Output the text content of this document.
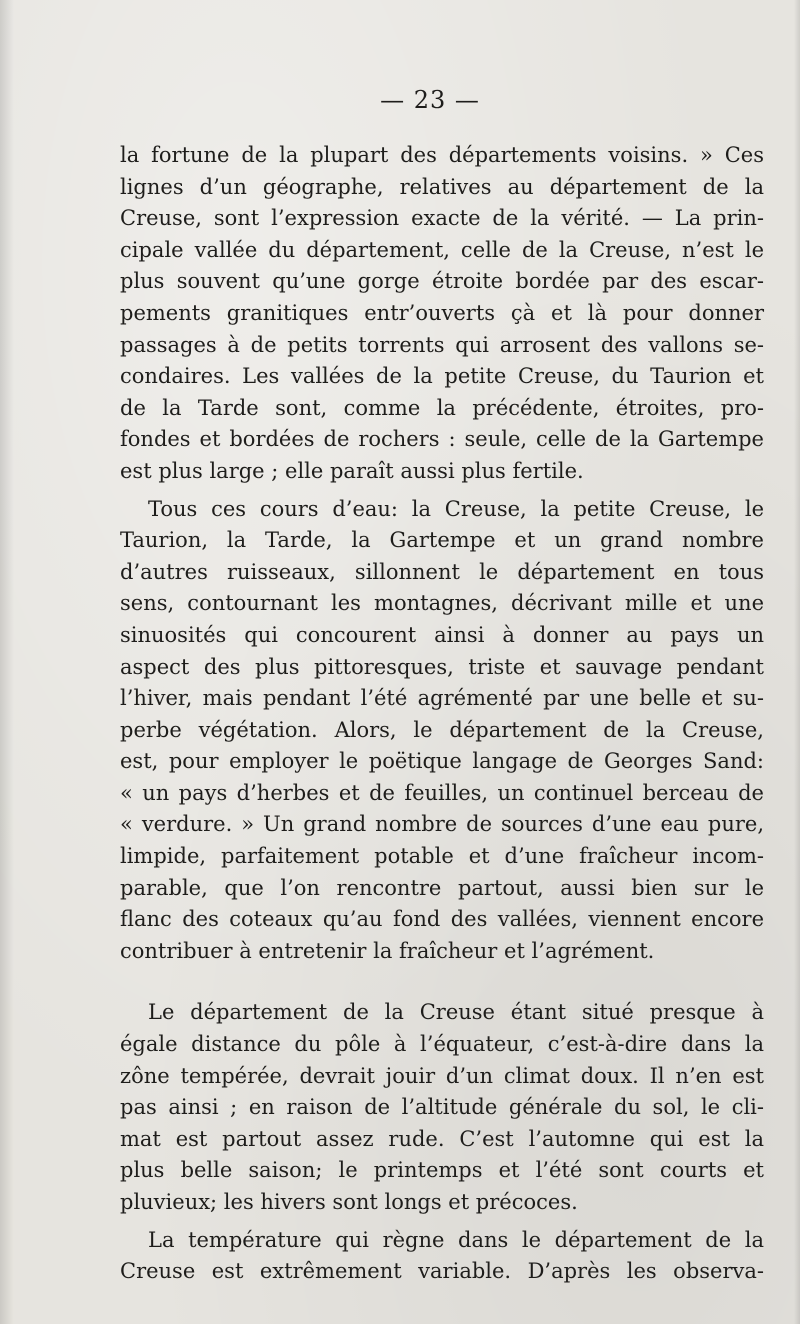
— 23 —
la fortune de la plupart des départements voisins. » Ces
lignes d’un géographe, relatives au département de la
Creuse, sont l’expression exacte de la vérité. — La prin-
cipale vallée du département, celle de la Creuse, n’est le
plus souvent qu’une gorge étroite bordée par des escar-
pements granitiques entr’ouverts çà et là pour donner
passages à de petits torrents qui arrosent des vallons se-
condaires. Les vallées de la petite Creuse, du Taurion et
de la Tarde sont, comme la précédente, étroites, pro-
fondes et bordées de rochers : seule, celle de la Gartempe
est plus large ; elle paraît aussi plus fertile.
Tous ces cours d’eau: la Creuse, la petite Creuse, le
Taurion, la Tarde, la Gartempe et un grand nombre
d’autres ruisseaux, sillonnent le département en tous
sens, contournant les montagnes, décrivant mille et une
sinuosités qui concourent ainsi à donner au pays un
aspect des plus pittoresques, triste et sauvage pendant
l’hiver, mais pendant l’été agrémenté par une belle et su-
perbe végétation. Alors, le département de la Creuse,
est, pour employer le poëtique langage de Georges Sand:
« un pays d’herbes et de feuilles, un continuel berceau de
« verdure. » Un grand nombre de sources d’une eau pure,
limpide, parfaitement potable et d’une fraîcheur incom-
parable, que l’on rencontre partout, aussi bien sur le
flanc des coteaux qu’au fond des vallées, viennent encore
contribuer à entretenir la fraîcheur et l’agrément.
Le département de la Creuse étant situé presque à
égale distance du pôle à l’équateur, c’est-à-dire dans la
zône tempérée, devrait jouir d’un climat doux. Il n’en est
pas ainsi ; en raison de l’altitude générale du sol, le cli-
mat est partout assez rude. C’est l’automne qui est la
plus belle saison; le printemps et l’été sont courts et
pluvieux; les hivers sont longs et précoces.
La température qui règne dans le département de la
Creuse est extrêmement variable. D’après les observa-
